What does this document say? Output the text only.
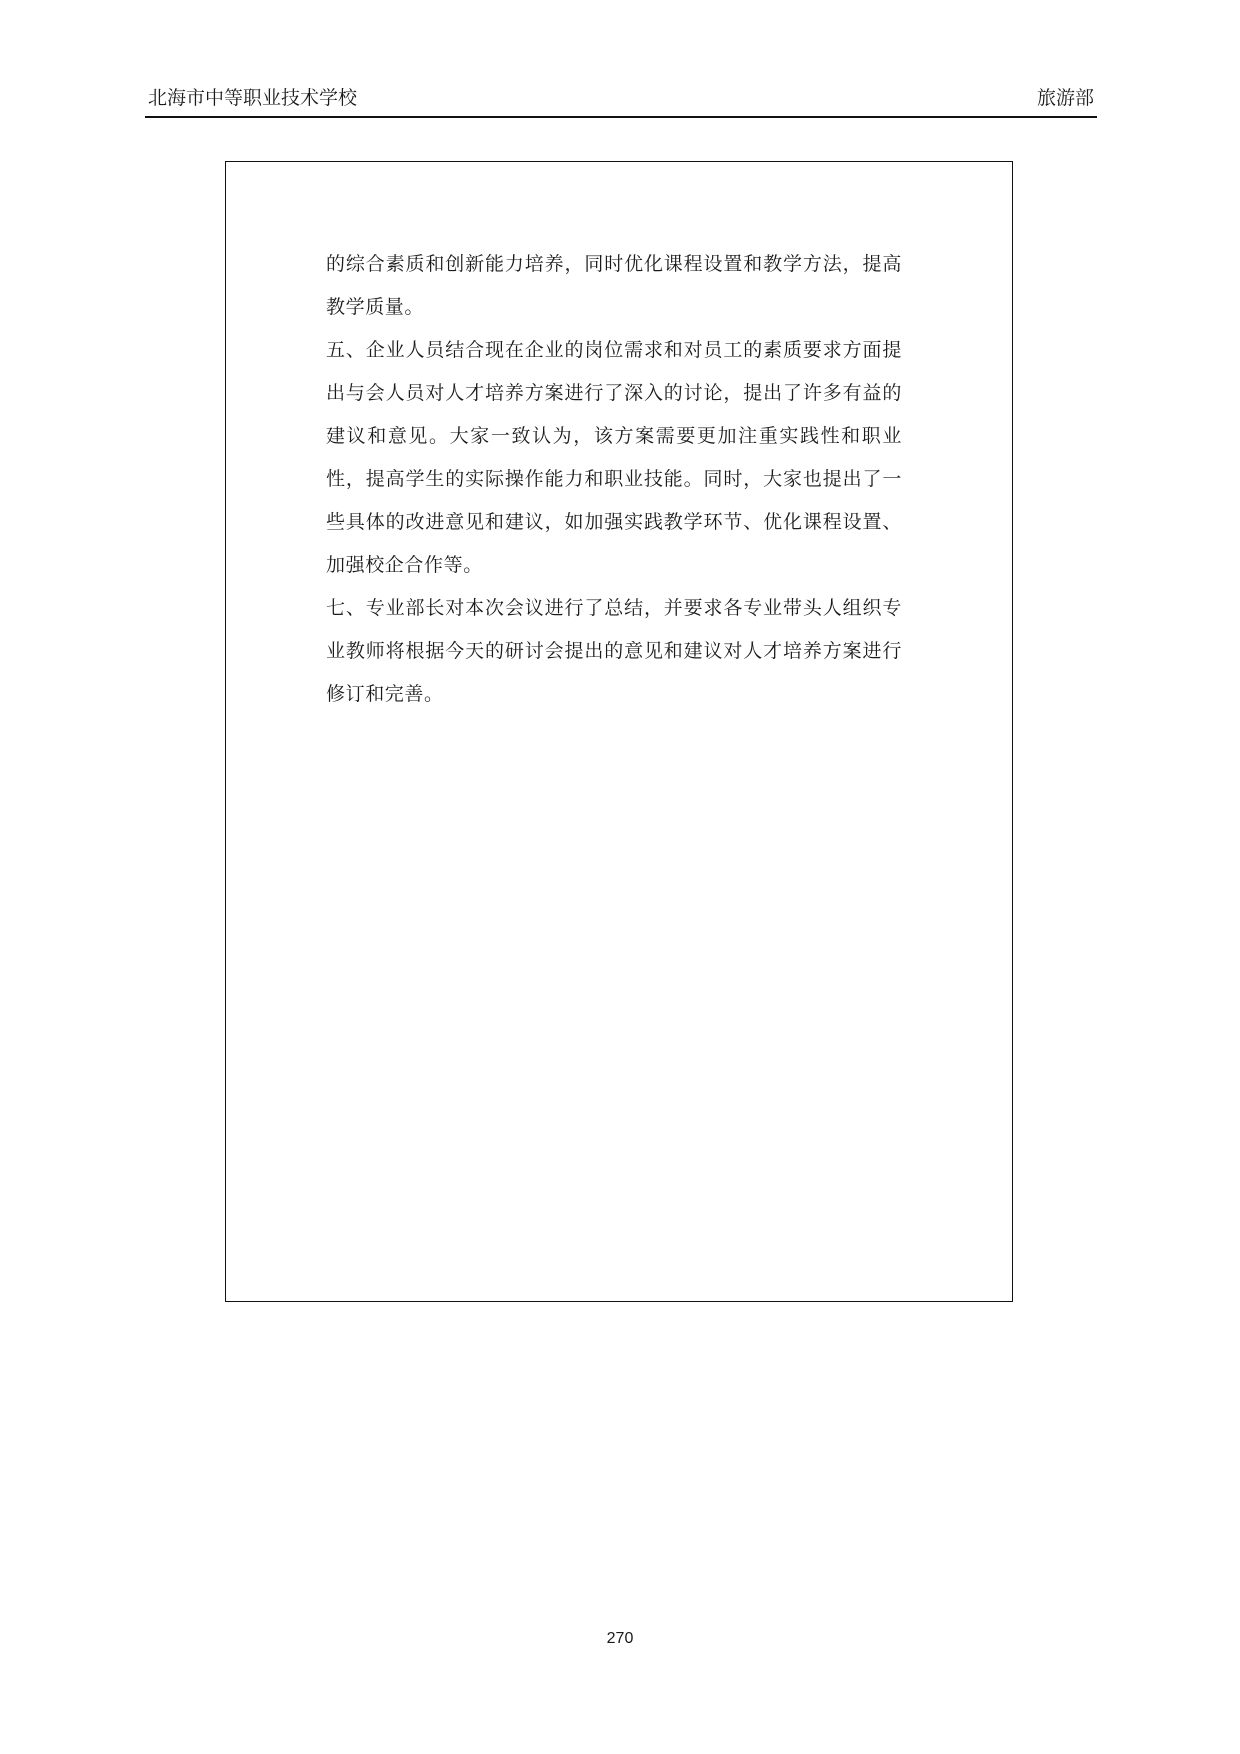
北海市中等职业技术学校	旅游部

的综合素质和创新能力培养，同时优化课程设置和教学方法，提高教学质量。

五、企业人员结合现在企业的岗位需求和对员工的素质要求方面提出与会人员对人才培养方案进行了深入的讨论，提出了许多有益的建议和意见。大家一致认为，该方案需要更加注重实践性和职业性，提高学生的实际操作能力和职业技能。同时，大家也提出了一些具体的改进意见和建议，如加强实践教学环节、优化课程设置、加强校企合作等。

七、专业部长对本次会议进行了总结，并要求各专业带头人组织专业教师将根据今天的研讨会提出的意见和建议对人才培养方案进行修订和完善。

270
